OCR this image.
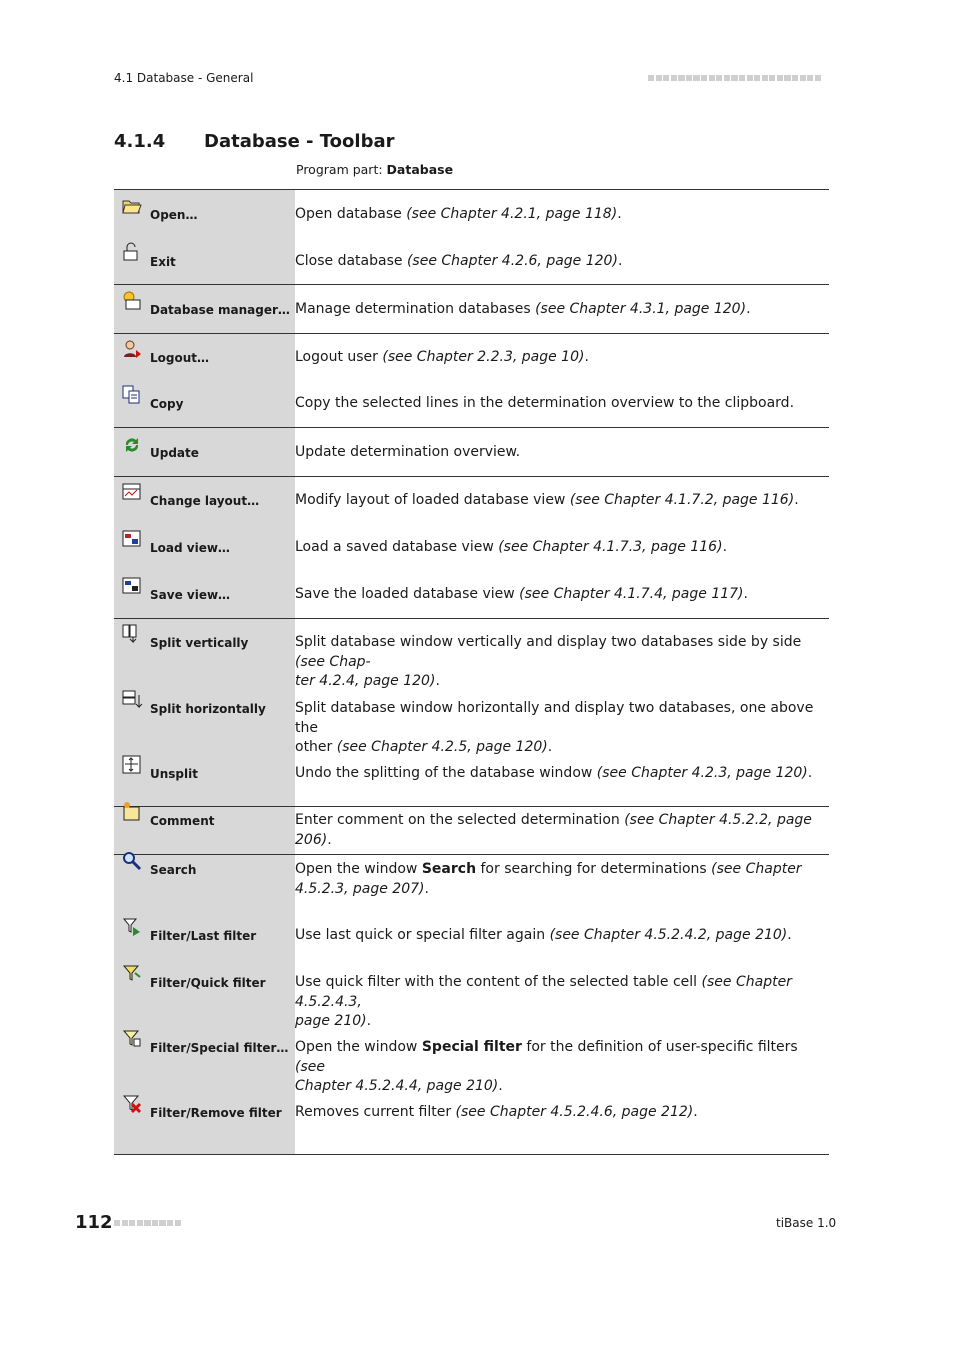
4.1 Database - General
4.1.4 Database - Toolbar
Program part: Database
Open…	Open database (see Chapter 4.2.1, page 118).

Exit	Close database (see Chapter 4.2.6, page 120).

Database manager…	Manage determination databases (see Chapter 4.3.1, page 120).

Logout…	Logout user (see Chapter 2.2.3, page 10).

Copy	Copy the selected lines in the determination overview to the clipboard.

Update	Update determination overview.

Change layout…	Modify layout of loaded database view (see Chapter 4.1.7.2, page 116).

Load view…	Load a saved database view (see Chapter 4.1.7.3, page 116).

Save view…	Save the loaded database view (see Chapter 4.1.7.4, page 117).

Split vertically	Split database window vertically and display two databases side by side (see Chap-
ter 4.2.4, page 120).

Split horizontally	Split database window horizontally and display two databases, one above the
other (see Chapter 4.2.5, page 120).

Unsplit	Undo the splitting of the database window (see Chapter 4.2.3, page 120).

Comment	Enter comment on the selected determination (see Chapter 4.5.2.2, page 206).

Search	Open the window Search for searching for determinations (see Chapter
4.5.2.3, page 207).

Filter/Last filter	Use last quick or special filter again (see Chapter 4.5.2.4.2, page 210).

Filter/Quick filter	Use quick filter with the content of the selected table cell (see Chapter 4.5.2.4.3,
page 210).

Filter/Special filter…	Open the window Special filter for the definition of user-specific filters (see
Chapter 4.5.2.4.4, page 210).

Filter/Remove filter	Removes current filter (see Chapter 4.5.2.4.6, page 212).
112	tiBase 1.0
